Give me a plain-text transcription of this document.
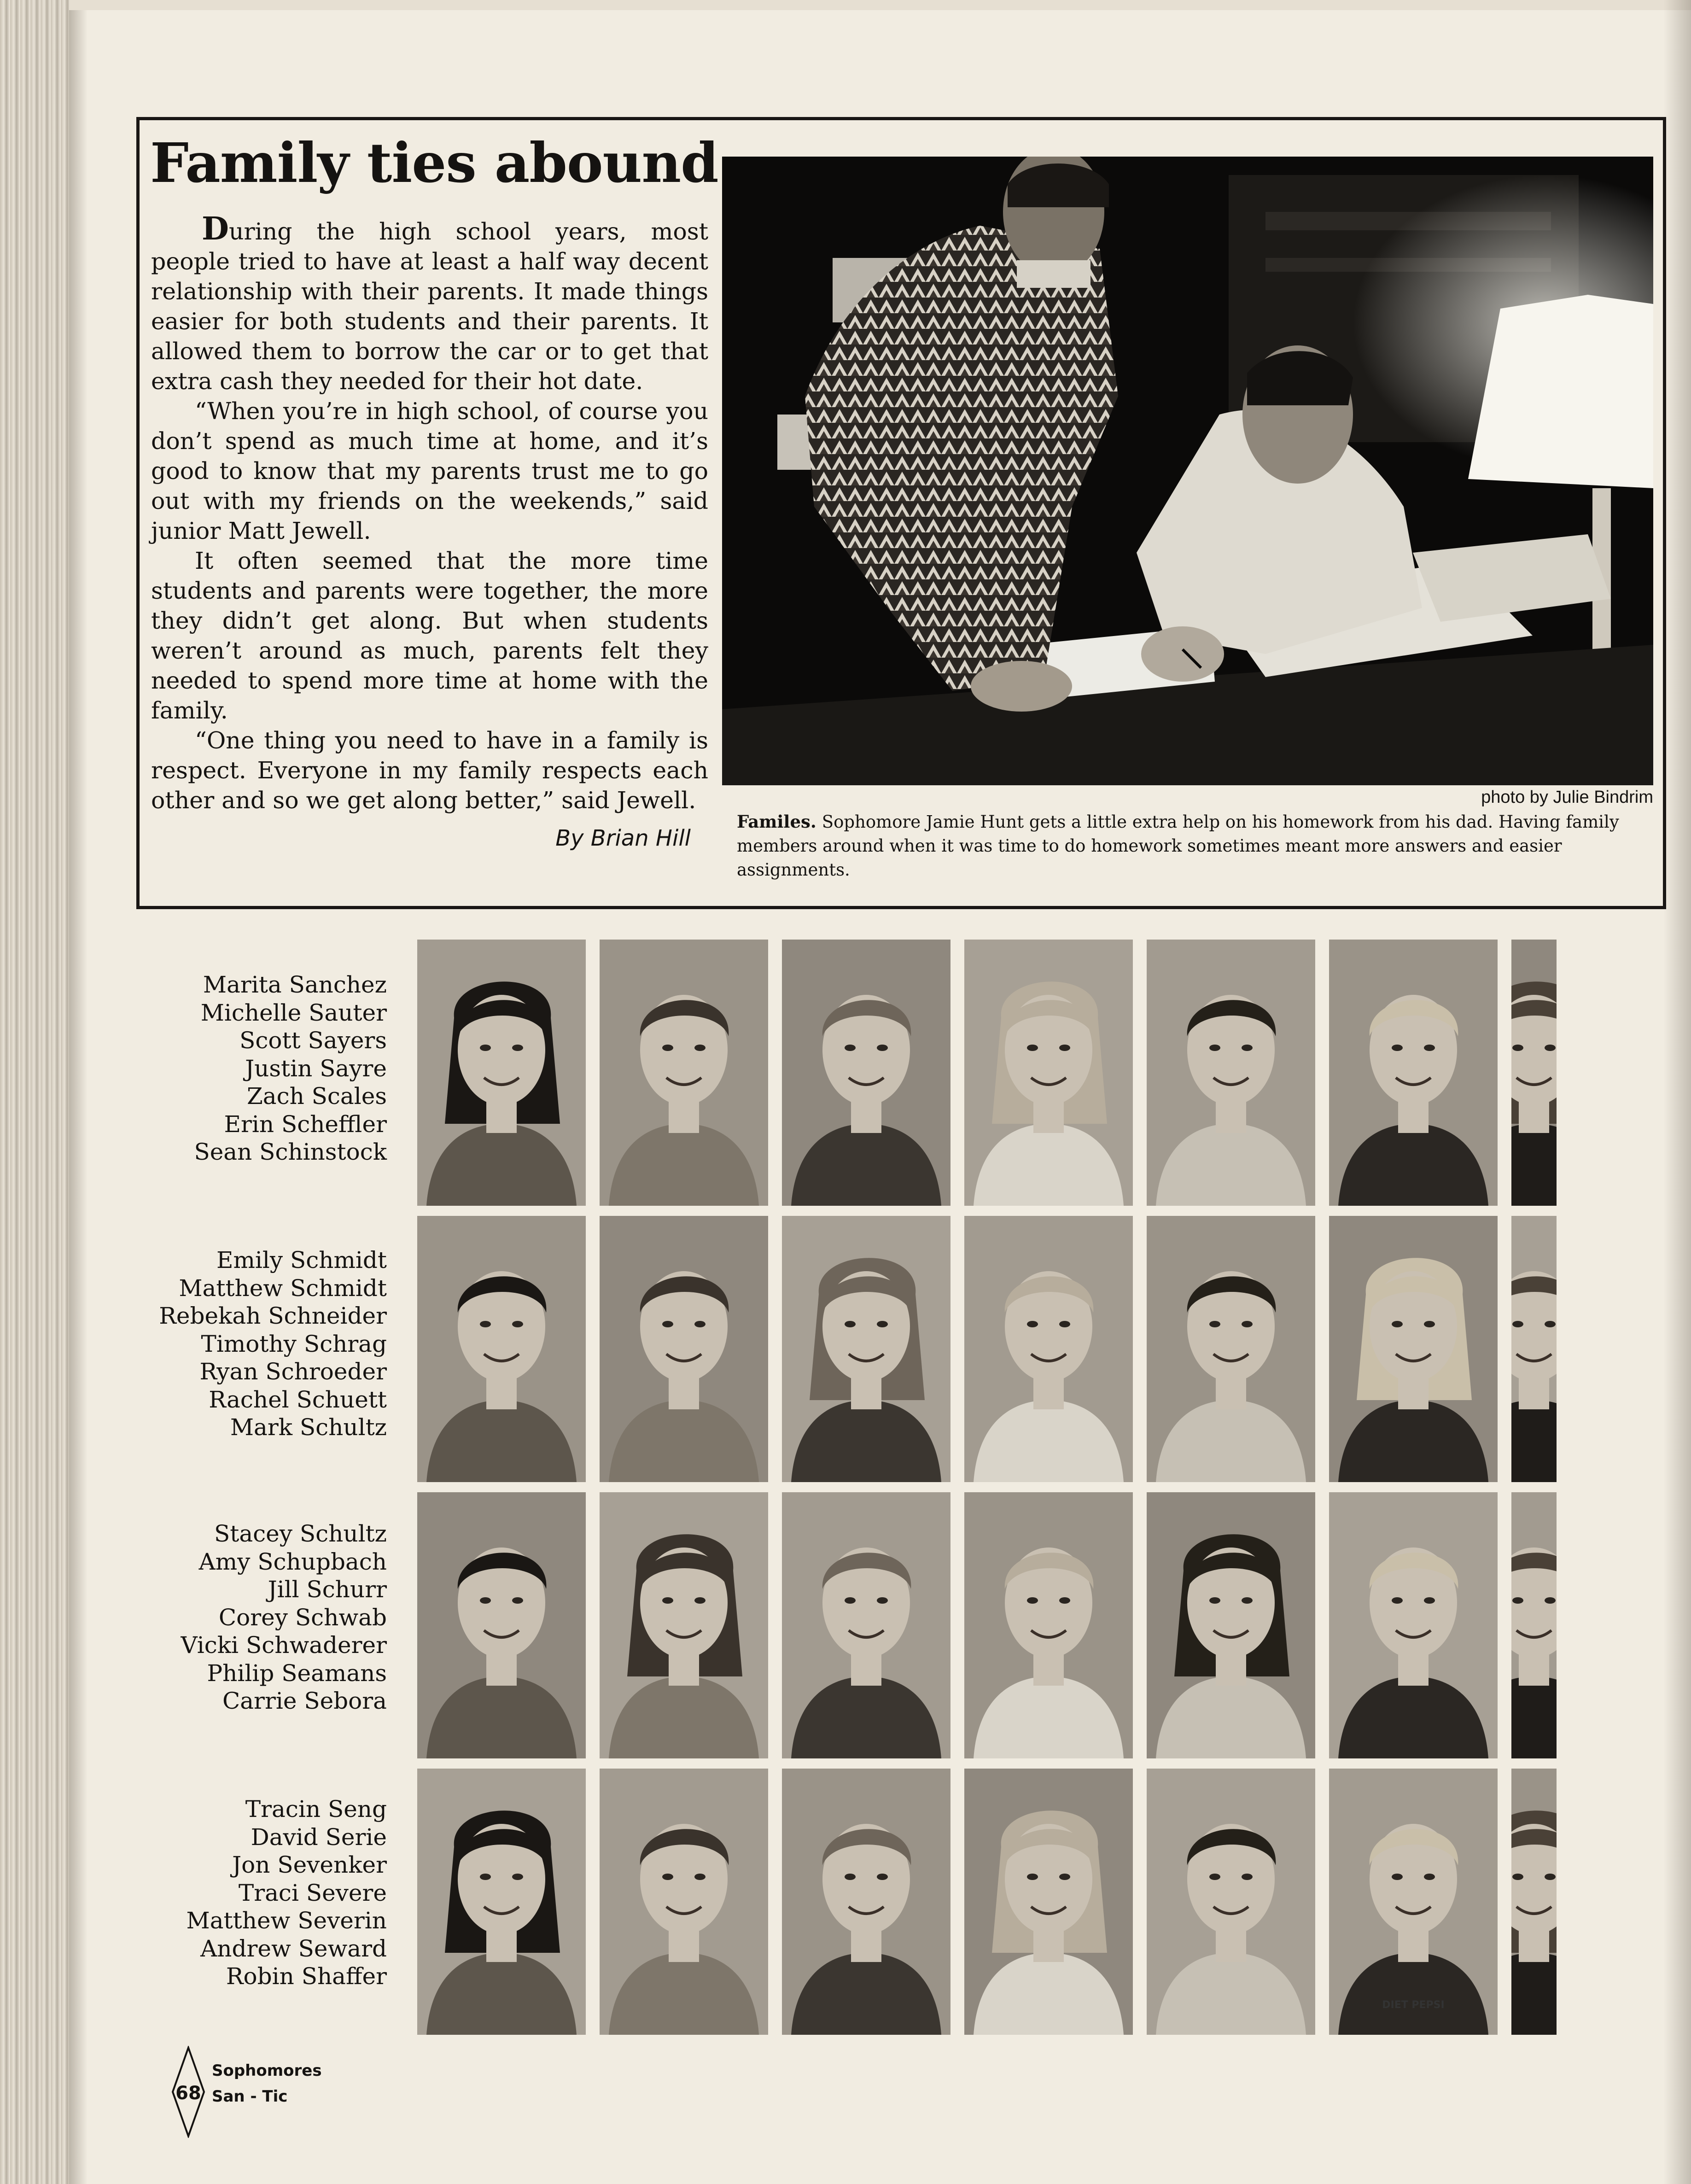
Family ties abound

During the high school years, most people tried to have at least a half way decent relationship with their parents. It made things easier for both students and their parents. It allowed them to borrow the car or to get that extra cash they needed for their hot date.

“When you’re in high school, of course you don’t spend as much time at home, and it’s good to know that my parents trust me to go out with my friends on the weekends,” said junior Matt Jewell.

It often seemed that the more time students and parents were together, the more they didn’t get along. But when students weren’t around as much, parents felt they needed to spend more time at home with the family.

“One thing you need to have in a family is respect. Everyone in my family respects each other and so we get along better,” said Jewell.

By Brian Hill
photo by Julie Bindrim
Familes. Sophomore Jamie Hunt gets a little extra help on his homework from his dad. Having family members around when it was time to do homework sometimes meant more answers and easier assignments.
Marita Sanchez
Michelle Sauter
Scott Sayers
Justin Sayre
Zach Scales
Erin Scheffler
Sean Schinstock
Emily Schmidt
Matthew Schmidt
Rebekah Schneider
Timothy Schrag
Ryan Schroeder
Rachel Schuett
Mark Schultz
Stacey Schultz
Amy Schupbach
Jill Schurr
Corey Schwab
Vicki Schwaderer
Philip Seamans
Carrie Sebora
Tracin Seng
David Serie
Jon Sevenker
Traci Severe
Matthew Severin
Andrew Seward
Robin Shaffer
DIET PEPSI
68
Sophomores
San - Tic
